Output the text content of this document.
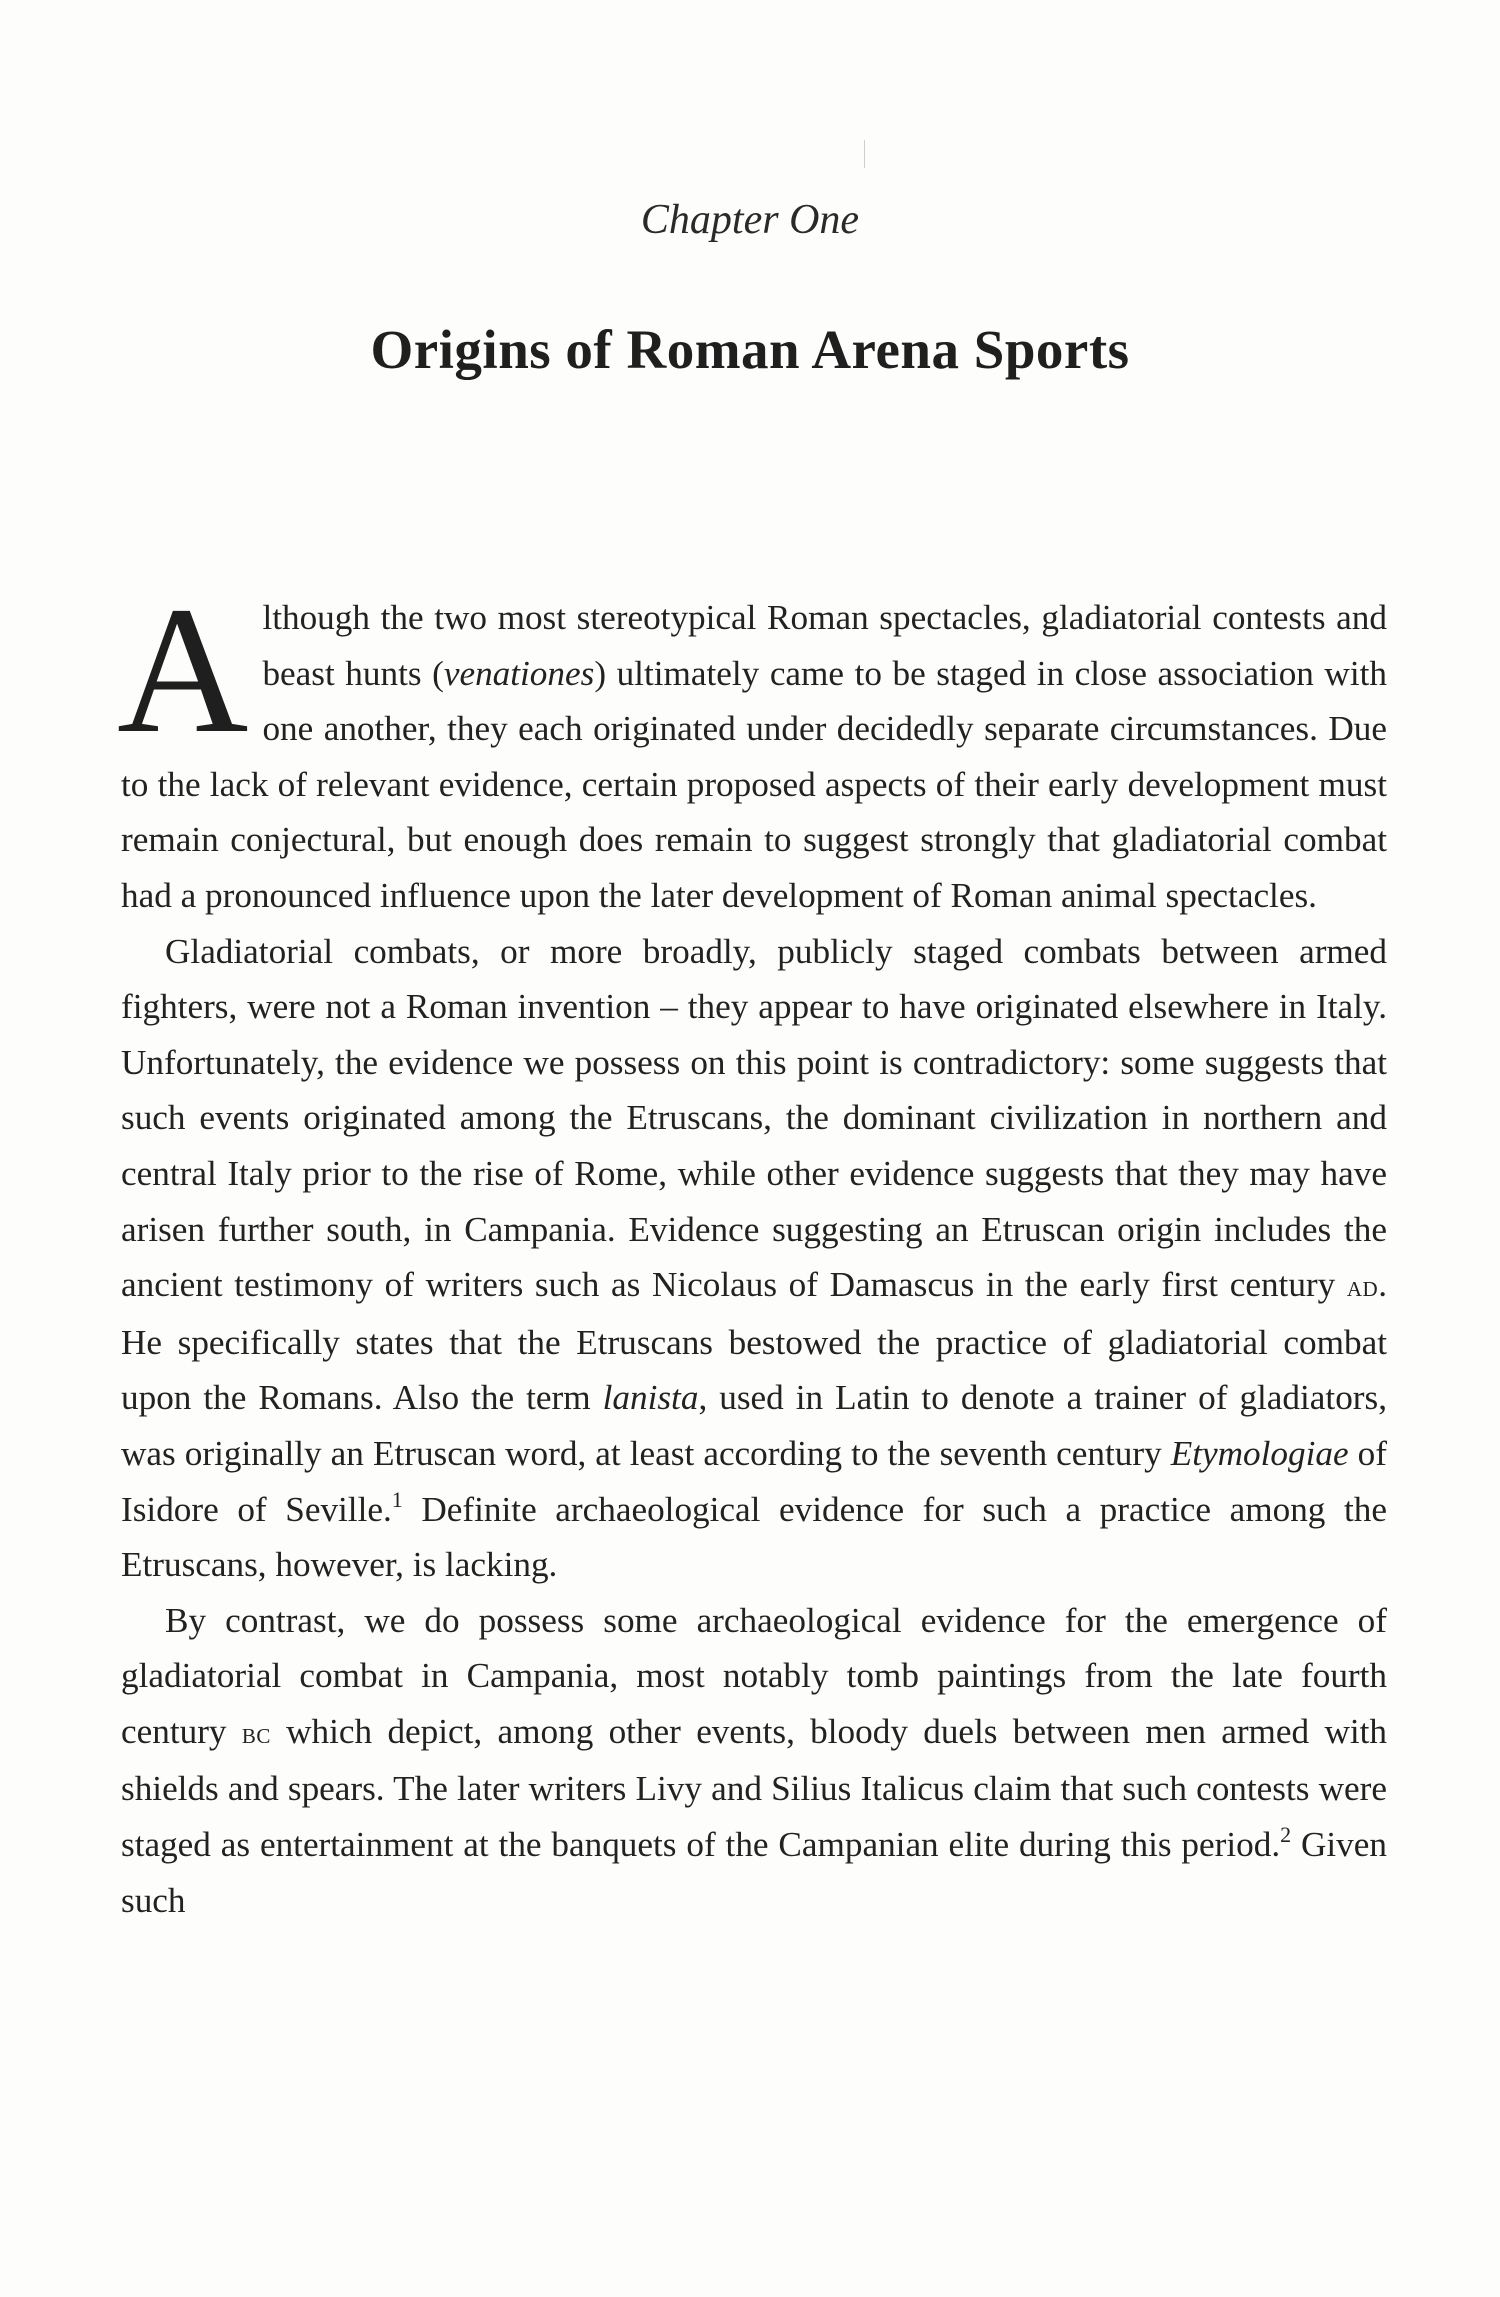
Chapter One
Origins of Roman Arena Sports

Although the two most stereotypical Roman spectacles, gladiatorial contests and beast hunts (venationes) ultimately came to be staged in close association with one another, they each originated under decidedly separate circumstances. Due to the lack of relevant evidence, certain proposed aspects of their early development must remain conjectural, but enough does remain to suggest strongly that gladiatorial combat had a pronounced influence upon the later development of Roman animal spectacles.

Gladiatorial combats, or more broadly, publicly staged combats between armed fighters, were not a Roman invention – they appear to have originated elsewhere in Italy. Unfortunately, the evidence we possess on this point is contradictory: some suggests that such events originated among the Etruscans, the dominant civilization in northern and central Italy prior to the rise of Rome, while other evidence suggests that they may have arisen further south, in Campania. Evidence suggesting an Etruscan origin includes the ancient testimony of writers such as Nicolaus of Damascus in the early first century ad. He specifically states that the Etruscans bestowed the practice of gladiatorial combat upon the Romans. Also the term lanista, used in Latin to denote a trainer of gladiators, was originally an Etruscan word, at least according to the seventh century Etymologiae of Isidore of Seville.$^1$ Definite archaeological evidence for such a practice among the Etruscans, however, is lacking.

By contrast, we do possess some archaeological evidence for the emergence of gladiatorial combat in Campania, most notably tomb paintings from the late fourth century bc which depict, among other events, bloody duels between men armed with shields and spears. The later writers Livy and Silius Italicus claim that such contests were staged as entertainment at the banquets of the Campanian elite during this period.$^2$ Given such
